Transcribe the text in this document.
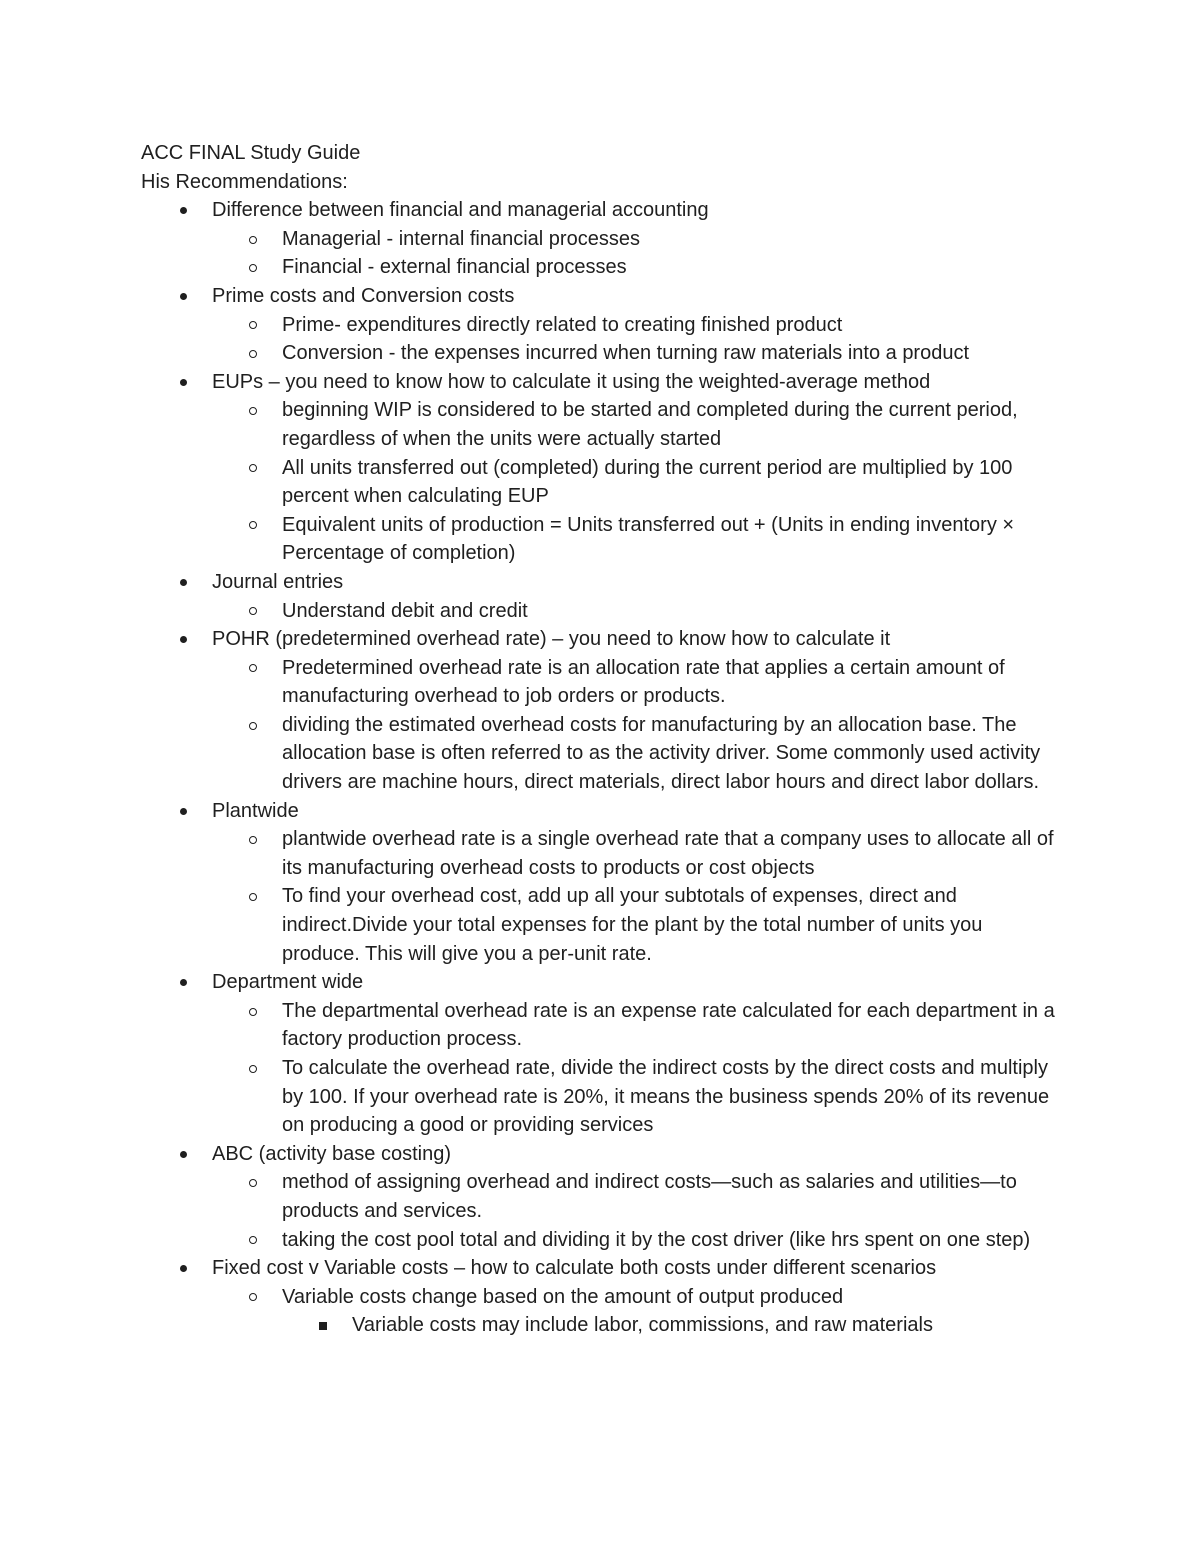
ACC FINAL Study Guide
His Recommendations:
Difference between financial and managerial accounting
Managerial - internal financial processes
Financial - external financial processes
Prime costs and Conversion costs
Prime- expenditures directly related to creating finished product
Conversion - the expenses incurred when turning raw materials into a product
EUPs – you need to know how to calculate it using the weighted-average method
beginning WIP is considered to be started and completed during the current period, regardless of when the units were actually started
All units transferred out (completed) during the current period are multiplied by 100 percent when calculating EUP
Equivalent units of production = Units transferred out + (Units in ending inventory × Percentage of completion)
Journal entries
Understand debit and credit
POHR (predetermined overhead rate) – you need to know how to calculate it
Predetermined overhead rate is an allocation rate that applies a certain amount of manufacturing overhead to job orders or products.
dividing the estimated overhead costs for manufacturing by an allocation base. The allocation base is often referred to as the activity driver. Some commonly used activity drivers are machine hours, direct materials, direct labor hours and direct labor dollars.
Plantwide
plantwide overhead rate is a single overhead rate that a company uses to allocate all of its manufacturing overhead costs to products or cost objects
To find your overhead cost, add up all your subtotals of expenses, direct and indirect.Divide your total expenses for the plant by the total number of units you produce. This will give you a per-unit rate.
Department wide
The departmental overhead rate is an expense rate calculated for each department in a factory production process.
To calculate the overhead rate, divide the indirect costs by the direct costs and multiply by 100. If your overhead rate is 20%, it means the business spends 20% of its revenue on producing a good or providing services
ABC (activity base costing)
method of assigning overhead and indirect costs—such as salaries and utilities—to products and services.
taking the cost pool total and dividing it by the cost driver (like hrs spent on one step)
Fixed cost v Variable costs – how to calculate both costs under different scenarios
Variable costs change based on the amount of output produced
Variable costs may include labor, commissions, and raw materials
